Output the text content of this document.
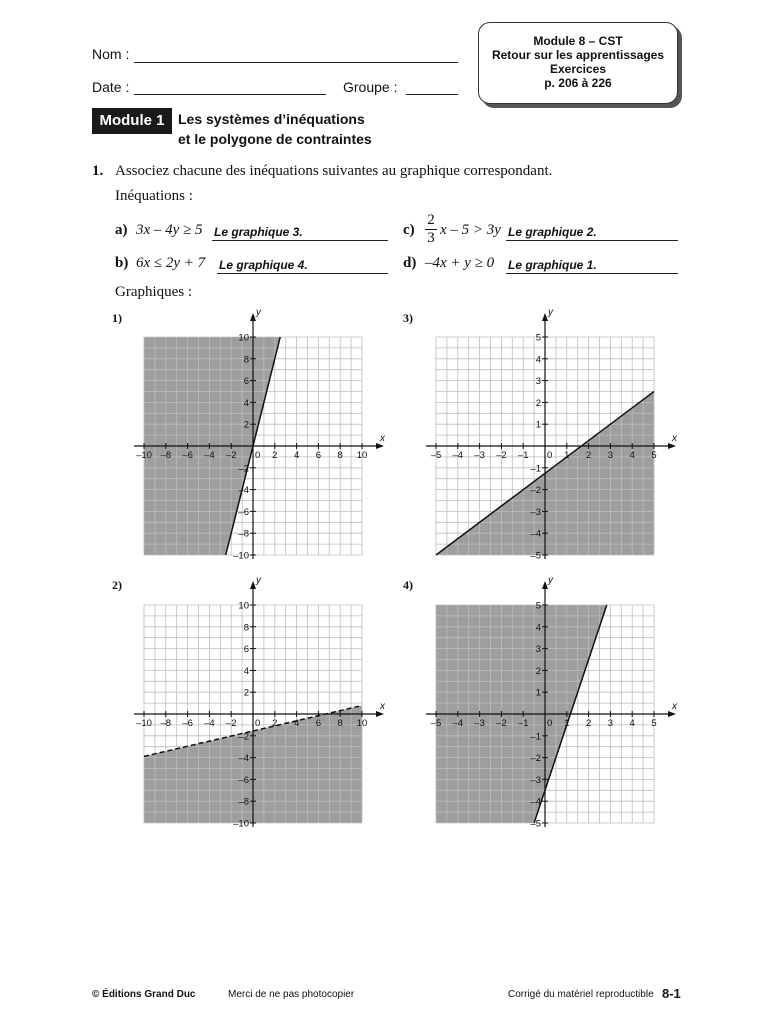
Nom :
Date :	Groupe :
Module 8 – CST
Retour sur les apprentissages
Exercices
p. 206 à 226
Module 1 Les systèmes d’inéquations
et le polygone de contraintes
1. Associez chacune des inéquations suivantes au graphique correspondant.
Inéquations :
a) 3x – 4y ≥ 5 Le graphique 3.
b) 6x ≤ 2y + 7 Le graphique 4.
$c) \frac{2}{3}$ x – 5 > 3y Le graphique 2.
d) –4x + y ≥ 0 Le graphique 1.
Graphiques :
1)
2)
3)
4)
x
y
–10 –8 –6 –4 –2 0 2 4 6 8 10
10
8
6
4
2
–2
–4
–6
–8
–10
x
y
–10 –8 –6 –4 –2 0 2 4 6 8 10
10
8
6
4
2
–2
–4
–6
–8
–10
x
y
–5 –4 –3 –2 –1 0 1 2 3 4 5
5
4
3
2
1
–1
–2
–3
–4
–5
x
y
–5 –4 –3 –2 –1 0 1 2 3 4 5
5
4
3
2
1
–1
–2
–3
–4
–5
© Éditions Grand Duc	Merci de ne pas photocopier	Corrigé du matériel reproductible 8-1
